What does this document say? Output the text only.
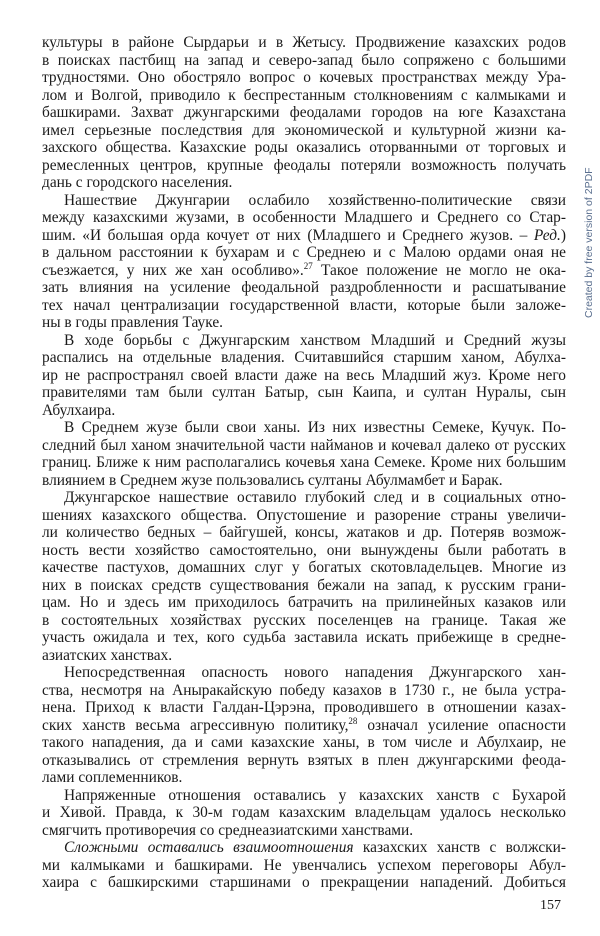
культуры в районе Сырдарьи и в Жетысу. Продвижение казахских родов
в поисках пастбищ на запад и северо-запад было сопряжено с большими
трудностями. Оно обостряло вопрос о кочевых пространствах между Ура-
лом и Волгой, приводило к беспрестанным столкновениям с калмыками и
башкирами. Захват джунгарскими феодалами городов на юге Казахстана
имел серьезные последствия для экономической и культурной жизни ка-
захского общества. Казахские роды оказались оторванными от торговых и
ремесленных центров, крупные феодалы потеряли возможность получать
дань с городского населения.
Нашествие Джунгарии ослабило хозяйственно-политические связи
между казахскими жузами, в особенности Младшего и Среднего со Стар-
шим. «И большая орда кочует от них (Младшего и Среднего жузов. – Ред.)
в дальном расстоянии к бухарам и с Среднею и с Малою ордами оная не
съезжается, у них же хан особливо».$^{27}$ Такое положение не могло не ока-
зать влияния на усиление феодальной раздробленности и расшатывание
тех начал централизации государственной власти, которые были заложе-
ны в годы правления Тауке.
В ходе борьбы с Джунгарским ханством Младший и Средний жузы
распались на отдельные владения. Считавшийся старшим ханом, Абулха-
ир не распространял своей власти даже на весь Младший жуз. Кроме него
правителями там были султан Батыр, сын Каипа, и султан Нуралы, сын
Абулхаира.
В Среднем жузе были свои ханы. Из них известны Семеке, Кучук. По-
следний был ханом значительной части найманов и кочевал далеко от русских
границ. Ближе к ним располагались кочевья хана Семеке. Кроме них большим
влиянием в Среднем жузе пользовались султаны Абулмамбет и Барак.
Джунгарское нашествие оставило глубокий след и в социальных отно-
шениях казахского общества. Опустошение и разорение страны увеличи-
ли количество бедных – байгушей, консы, жатаков и др. Потеряв возмож-
ность вести хозяйство самостоятельно, они вынуждены были работать в
качестве пастухов, домашних слуг у богатых скотовладельцев. Многие из
них в поисках средств существования бежали на запад, к русским грани-
цам. Но и здесь им приходилось батрачить на прилинейных казаков или
в состоятельных хозяйствах русских поселенцев на границе. Такая же
участь ожидала и тех, кого судьба заставила искать прибежище в средне-
азиатских ханствах.
Непосредственная опасность нового нападения Джунгарского хан-
ства, несмотря на Аныракайскую победу казахов в 1730 г., не была устра-
нена. Приход к власти Галдан-Цэрэна, проводившего в отношении казах-
ских ханств весьма агрессивную политику,$^{28}$ означал усиление опасности
такого нападения, да и сами казахские ханы, в том числе и Абулхаир, не
отказывались от стремления вернуть взятых в плен джунгарскими феода-
лами соплеменников.
Напряженные отношения оставались у казахских ханств с Бухарой
и Хивой. Правда, к 30-м годам казахским владельцам удалось несколько
смягчить противоречия со среднеазиатскими ханствами.
Сложными оставались взаимоотношения казахских ханств с волжски-
ми калмыками и башкирами. Не увенчались успехом переговоры Абул-
хаира с башкирскими старшинами о прекращении нападений. Добиться
157
Created by free version of 2PDF
